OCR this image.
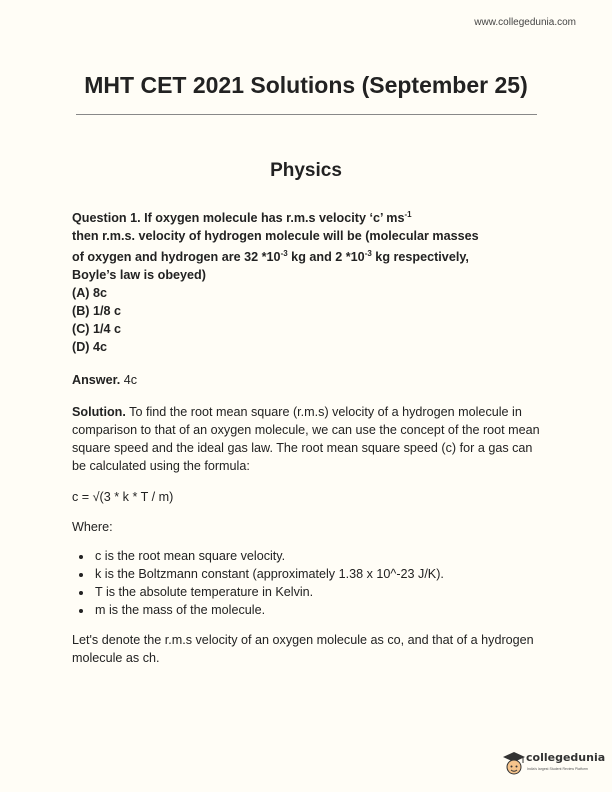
www.collegedunia.com
MHT CET 2021 Solutions (September 25)
Physics

Question 1. If oxygen molecule has r.m.s velocity ‘c’ $ms^{-1}$

then r.m.s. velocity of hydrogen molecule will be (molecular masses

of oxygen and hydrogen are 32 $*10^{-3}$ kg and 2 $*10^{-3}$ kg respectively,

Boyle’s law is obeyed)

(A) 8c

(B) 1/8 c

(C) 1/4 c

(D) 4c

Answer. 4c
Solution. To find the root mean square (r.m.s) velocity of a hydrogen molecule in comparison to that of an oxygen molecule, we can use the concept of the root mean square speed and the ideal gas law. The root mean square speed (c) for a gas can be calculated using the formula:
c = √(3 * k * T / m)
Where:
• c is the root mean square velocity.
• k is the Boltzmann constant (approximately 1.38 x 10^-23 J/K).
• T is the absolute temperature in Kelvin.
• m is the mass of the molecule.
Let's denote the r.m.s velocity of an oxygen molecule as co, and that of a hydrogen molecule as ch.
collegedunia
India's largest Student Review Platform
